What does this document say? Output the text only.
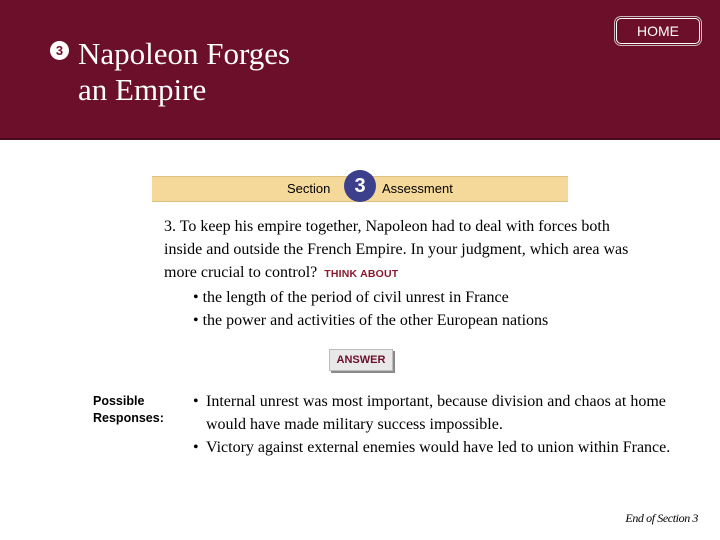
3 Napoleon Forges
an Empire
HOME
Section	3	Assessment
3. To keep his empire together, Napoleon had to deal with forces both inside and outside the French Empire. In your judgment, which area was more crucial to control? THINK ABOUT
• the length of the period of civil unrest in France
• the power and activities of the other European nations
ANSWER
Possible
Responses:
• Internal unrest was most important, because division and chaos at home would have made military success impossible.
• Victory against external enemies would have led to union within France.
End of Section 3
